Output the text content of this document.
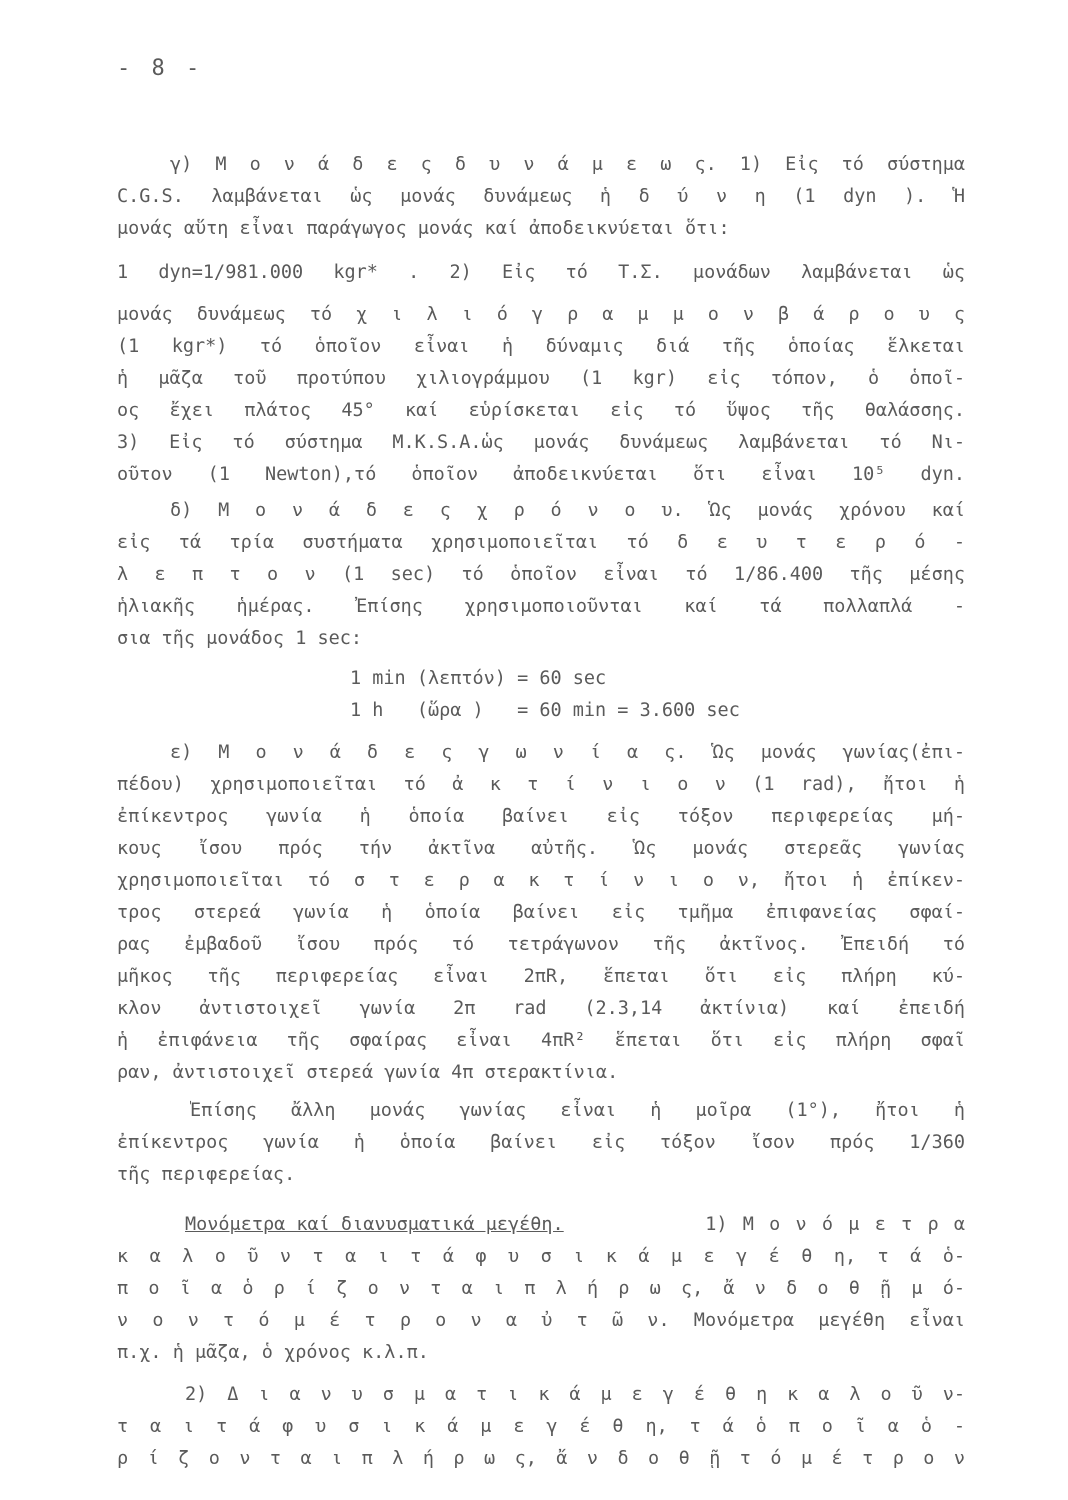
- 8 -
γ) Μ ο ν ά δ ε ς δ υ ν ά μ ε ω ς. 1) Εἰς τό σύστημα
C.G.S. λαμβάνεται ὡς μονάς δυνάμεως ἡ δ ύ ν η (1 dyn ). Ἡ
μονάς αὕτη εἶναι παράγωγος μονάς καί ἀποδεικνύεται ὅτι:
1 dyn=1/981.000 kgr* . 2) Εἰς τό Τ.Σ. μονάδων λαμβάνεται ὡς
μονάς δυνάμεως τό χ ι λ ι ό γ ρ α μ μ ο ν β ά ρ ο υ ς
(1 kgr*) τό ὁποῖον εἶναι ἡ δύναμις διά τῆς ὁποίας ἕλκεται
ἡ μᾶζα τοῦ προτύπου χιλιογράμμου (1 kgr) εἰς τόπον, ὁ ὁποῖ-
ος ἔχει πλάτος 45° καί εὑρίσκεται εἰς τό ὕψος τῆς θαλάσσης.
3) Εἰς τό σύστημα M.K.S.A.ὡς μονάς δυνάμεως λαμβάνεται τό Νι-
οῦτον (1 Newton),τό ὁποῖον ἀποδεικνύεται ὅτι εἶναι 10⁵ dyn.
δ) Μ ο ν ά δ ε ς χ ρ ό ν ο υ. Ὡς μονάς χρόνου καί
εἰς τά τρία συστήματα χρησιμοποιεῖται τό δ ε υ τ ε ρ ό -
λ ε π τ ο ν (1 sec) τό ὁποῖον εἶναι τό 1/86.400 τῆς μέσης
ἡλιακῆς ἡμέρας. Ἐπίσης χρησιμοποιοῦνται καί τά πολλαπλά -
σια τῆς μονάδος 1 sec:
1 min (λεπτόν) = 60 sec
1 h   (ὥρα )   = 60 min = 3.600 sec
ε) Μ ο ν ά δ ε ς γ ω ν ί α ς. Ὡς μονάς γωνίας(ἐπι-
πέδου) χρησιμοποιεῖται τό ἀ κ τ ί ν ι ο ν (1 rad), ἤτοι ἡ
ἐπίκεντρος γωνία ἡ ὁποία βαίνει εἰς τόξον περιφερείας μή-
κους ἴσου πρός τήν ἀκτῖνα αὐτῆς. Ὡς μονάς στερεᾶς γωνίας
χρησιμοποιεῖται τό σ τ ε ρ α κ τ ί ν ι ο ν, ἤτοι ἡ ἐπίκεν-
τρος στερεά γωνία ἡ ὁποία βαίνει εἰς τμῆμα ἐπιφανείας σφαί-
ρας ἐμβαδοῦ ἴσου πρός τό τετράγωνον τῆς ἀκτῖνος. Ἐπειδή τό
μῆκος τῆς περιφερείας εἶναι 2πR, ἕπεται ὅτι εἰς πλήρη κύ-
κλον ἀντιστοιχεῖ γωνία 2π rad (2.3,14 ἀκτίνια) καί ἐπειδή
ἡ ἐπιφάνεια τῆς σφαίρας εἶναι 4πR² ἕπεται ὅτι εἰς πλήρη σφαῖ
ραν, ἀντιστοιχεῖ στερεά γωνία 4π στερακτίνια.
Ἐπίσης ἄλλη μονάς γωνίας εἶναι ἡ μοῖρα (1°), ἤτοι ἡ
ἐπίκεντρος γωνία ἡ ὁποία βαίνει εἰς τόξον ἴσον πρός 1/360
τῆς περιφερείας.
Μονόμετρα καί διανυσματικά μεγέθη.	1) Μ ο ν ό μ ε τ ρ α
κ α λ ο ῦ ν τ α ι τ ά φ υ σ ι κ ά μ ε γ έ θ η, τ ά ὁ-
π ο ῖ α ὁ ρ ί ζ ο ν τ α ι π λ ή ρ ω ς, ἄ ν δ ο θ ῇ μ ό-
ν ο ν τ ό μ έ τ ρ ο ν α ὐ τ ῶ ν. Μονόμετρα μεγέθη εἶναι
π.χ. ἡ μᾶζα, ὁ χρόνος κ.λ.π.
2) Δ ι α ν υ σ μ α τ ι κ ά μ ε γ έ θ η κ α λ ο ῦ ν-
τ α ι τ ά φ υ σ ι κ ά μ ε γ έ θ η, τ ά ὁ π ο ῖ α ὁ -
ρ ί ζ ο ν τ α ι π λ ή ρ ω ς, ἄ ν δ ο θ ῇ τ ό μ έ τ ρ ο ν
